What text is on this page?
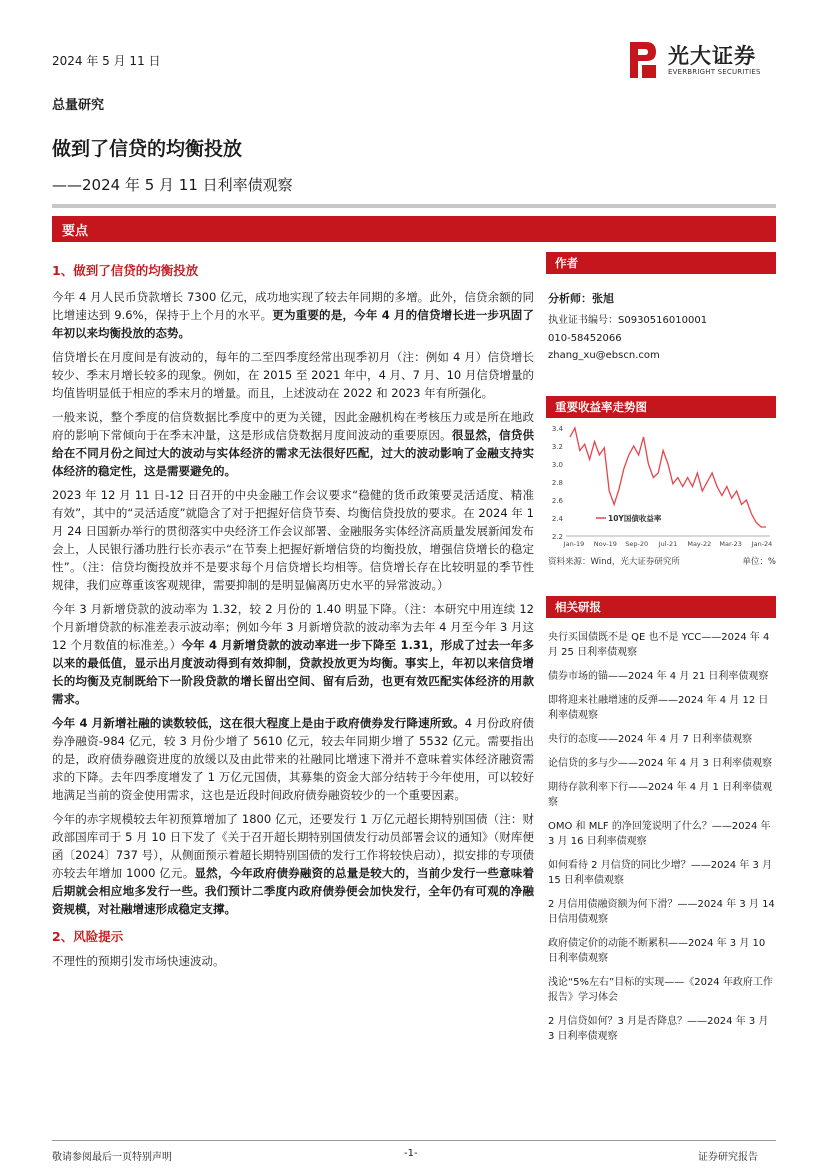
2024 年 5 月 11 日	光大证券
EVERBRIGHT SECURITIES
总量研究
做到了信贷的均衡投放
——2024 年 5 月 11 日利率债观察
要点
1、做到了信贷的均衡投放

今年 4 月人民币贷款增长 7300 亿元，成功地实现了较去年同期的多增。此外，信贷余额的同比增速达到 9.6%，保持于上个月的水平。更为重要的是，今年 4 月的信贷增长进一步巩固了年初以来均衡投放的态势。

信贷增长在月度间是有波动的，每年的二至四季度经常出现季初月（注：例如 4 月）信贷增长较少、季末月增长较多的现象。例如，在 2015 至 2021 年中，4 月、7 月、10 月信贷增量的均值皆明显低于相应的季末月的增量。而且，上述波动在 2022 和 2023 年有所强化。

一般来说，整个季度的信贷数据比季度中的更为关键，因此金融机构在考核压力或是所在地政府的影响下常倾向于在季末冲量，这是形成信贷数据月度间波动的重要原因。很显然，信贷供给在不同月份之间过大的波动与实体经济的需求无法很好匹配，过大的波动影响了金融支持实体经济的稳定性，这是需要避免的。

2023 年 12 月 11 日-12 日召开的中央金融工作会议要求“稳健的货币政策要灵活适度、精准有效”，其中的“灵活适度”就隐含了对于把握好信贷节奏、均衡信贷投放的要求。在 2024 年 1 月 24 日国新办举行的贯彻落实中央经济工作会议部署、金融服务实体经济高质量发展新闻发布会上，人民银行潘功胜行长亦表示“在节奏上把握好新增信贷的均衡投放，增强信贷增长的稳定性”。（注：信贷均衡投放并不是要求每个月信贷增长均相等。信贷增长存在比较明显的季节性规律，我们应尊重该客观规律，需要抑制的是明显偏离历史水平的异常波动。）

今年 3 月新增贷款的波动率为 1.32，较 2 月份的 1.40 明显下降。（注：本研究中用连续 12 个月新增贷款的标准差表示波动率；例如今年 3 月新增贷款的波动率为去年 4 月至今年 3 月这 12 个月数值的标准差。）今年 4 月新增贷款的波动率进一步下降至 1.31，形成了过去一年多以来的最低值，显示出月度波动得到有效抑制，贷款投放更为均衡。事实上，年初以来信贷增长的均衡及克制既给下一阶段贷款的增长留出空间、留有后劲，也更有效匹配实体经济的用款需求。

今年 4 月新增社融的读数较低，这在很大程度上是由于政府债券发行降速所致。4 月份政府债券净融资-984 亿元，较 3 月份少增了 5610 亿元，较去年同期少增了 5532 亿元。需要指出的是，政府债券融资进度的放缓以及由此带来的社融同比增速下滑并不意味着实体经济融资需求的下降。去年四季度增发了 1 万亿元国债，其募集的资金大部分结转于今年使用，可以较好地满足当前的资金使用需求，这也是近段时间政府债券融资较少的一个重要因素。

今年的赤字规模较去年初预算增加了 1800 亿元，还要发行 1 万亿元超长期特别国债（注：财政部国库司于 5 月 10 日下发了《关于召开超长期特别国债发行动员部署会议的通知》（财库便函〔2024〕737 号），从侧面预示着超长期特别国债的发行工作将较快启动），拟安排的专项债亦较去年增加 1000 亿元。显然，今年政府债券融资的总量是较大的，当前少发行一些意味着后期就会相应地多发行一些。我们预计二季度内政府债券便会加快发行，全年仍有可观的净融资规模，对社融增速形成稳定支撑。

2、风险提示

不理性的预期引发市场快速波动。

作者
分析师：张旭
执业证书编号：S0930516010001
010-58452066
zhang_xu@ebscn.com
重要收益率走势图
2.2
2.4
2.6
2.8
3.0
3.2
3.4
Jan-19 Nov-19 Sep-20 Jul-21 May-22 Mar-23 Jan-24
10Y国债收益率
资料来源：Wind，光大证券研究所	单位：%
相关研报
央行买国债既不是 QE 也不是 YCC——2024 年 4 月 25 日利率债观察
债券市场的锚——2024 年 4 月 21 日利率债观察
即将迎来社融增速的反弹——2024 年 4 月 12 日利率债观察
央行的态度——2024 年 4 月 7 日利率债观察
论信贷的多与少——2024 年 4 月 3 日利率债观察
期待存款利率下行——2024 年 4 月 1 日利率债观察
OMO 和 MLF 的净回笼说明了什么？——2024 年 3 月 16 日利率债观察
如何看待 2 月信贷的同比少增？——2024 年 3 月 15 日利率债观察
2 月信用债融资额为何下滑？——2024 年 3 月 14 日信用债观察
政府债定价的动能不断累积——2024 年 3 月 10 日利率债观察
浅论“5%左右”目标的实现——《2024 年政府工作报告》学习体会
2 月信贷如何？3 月是否降息？——2024 年 3 月 3 日利率债观察
敬请参阅最后一页特别声明	-1-	证券研究报告
